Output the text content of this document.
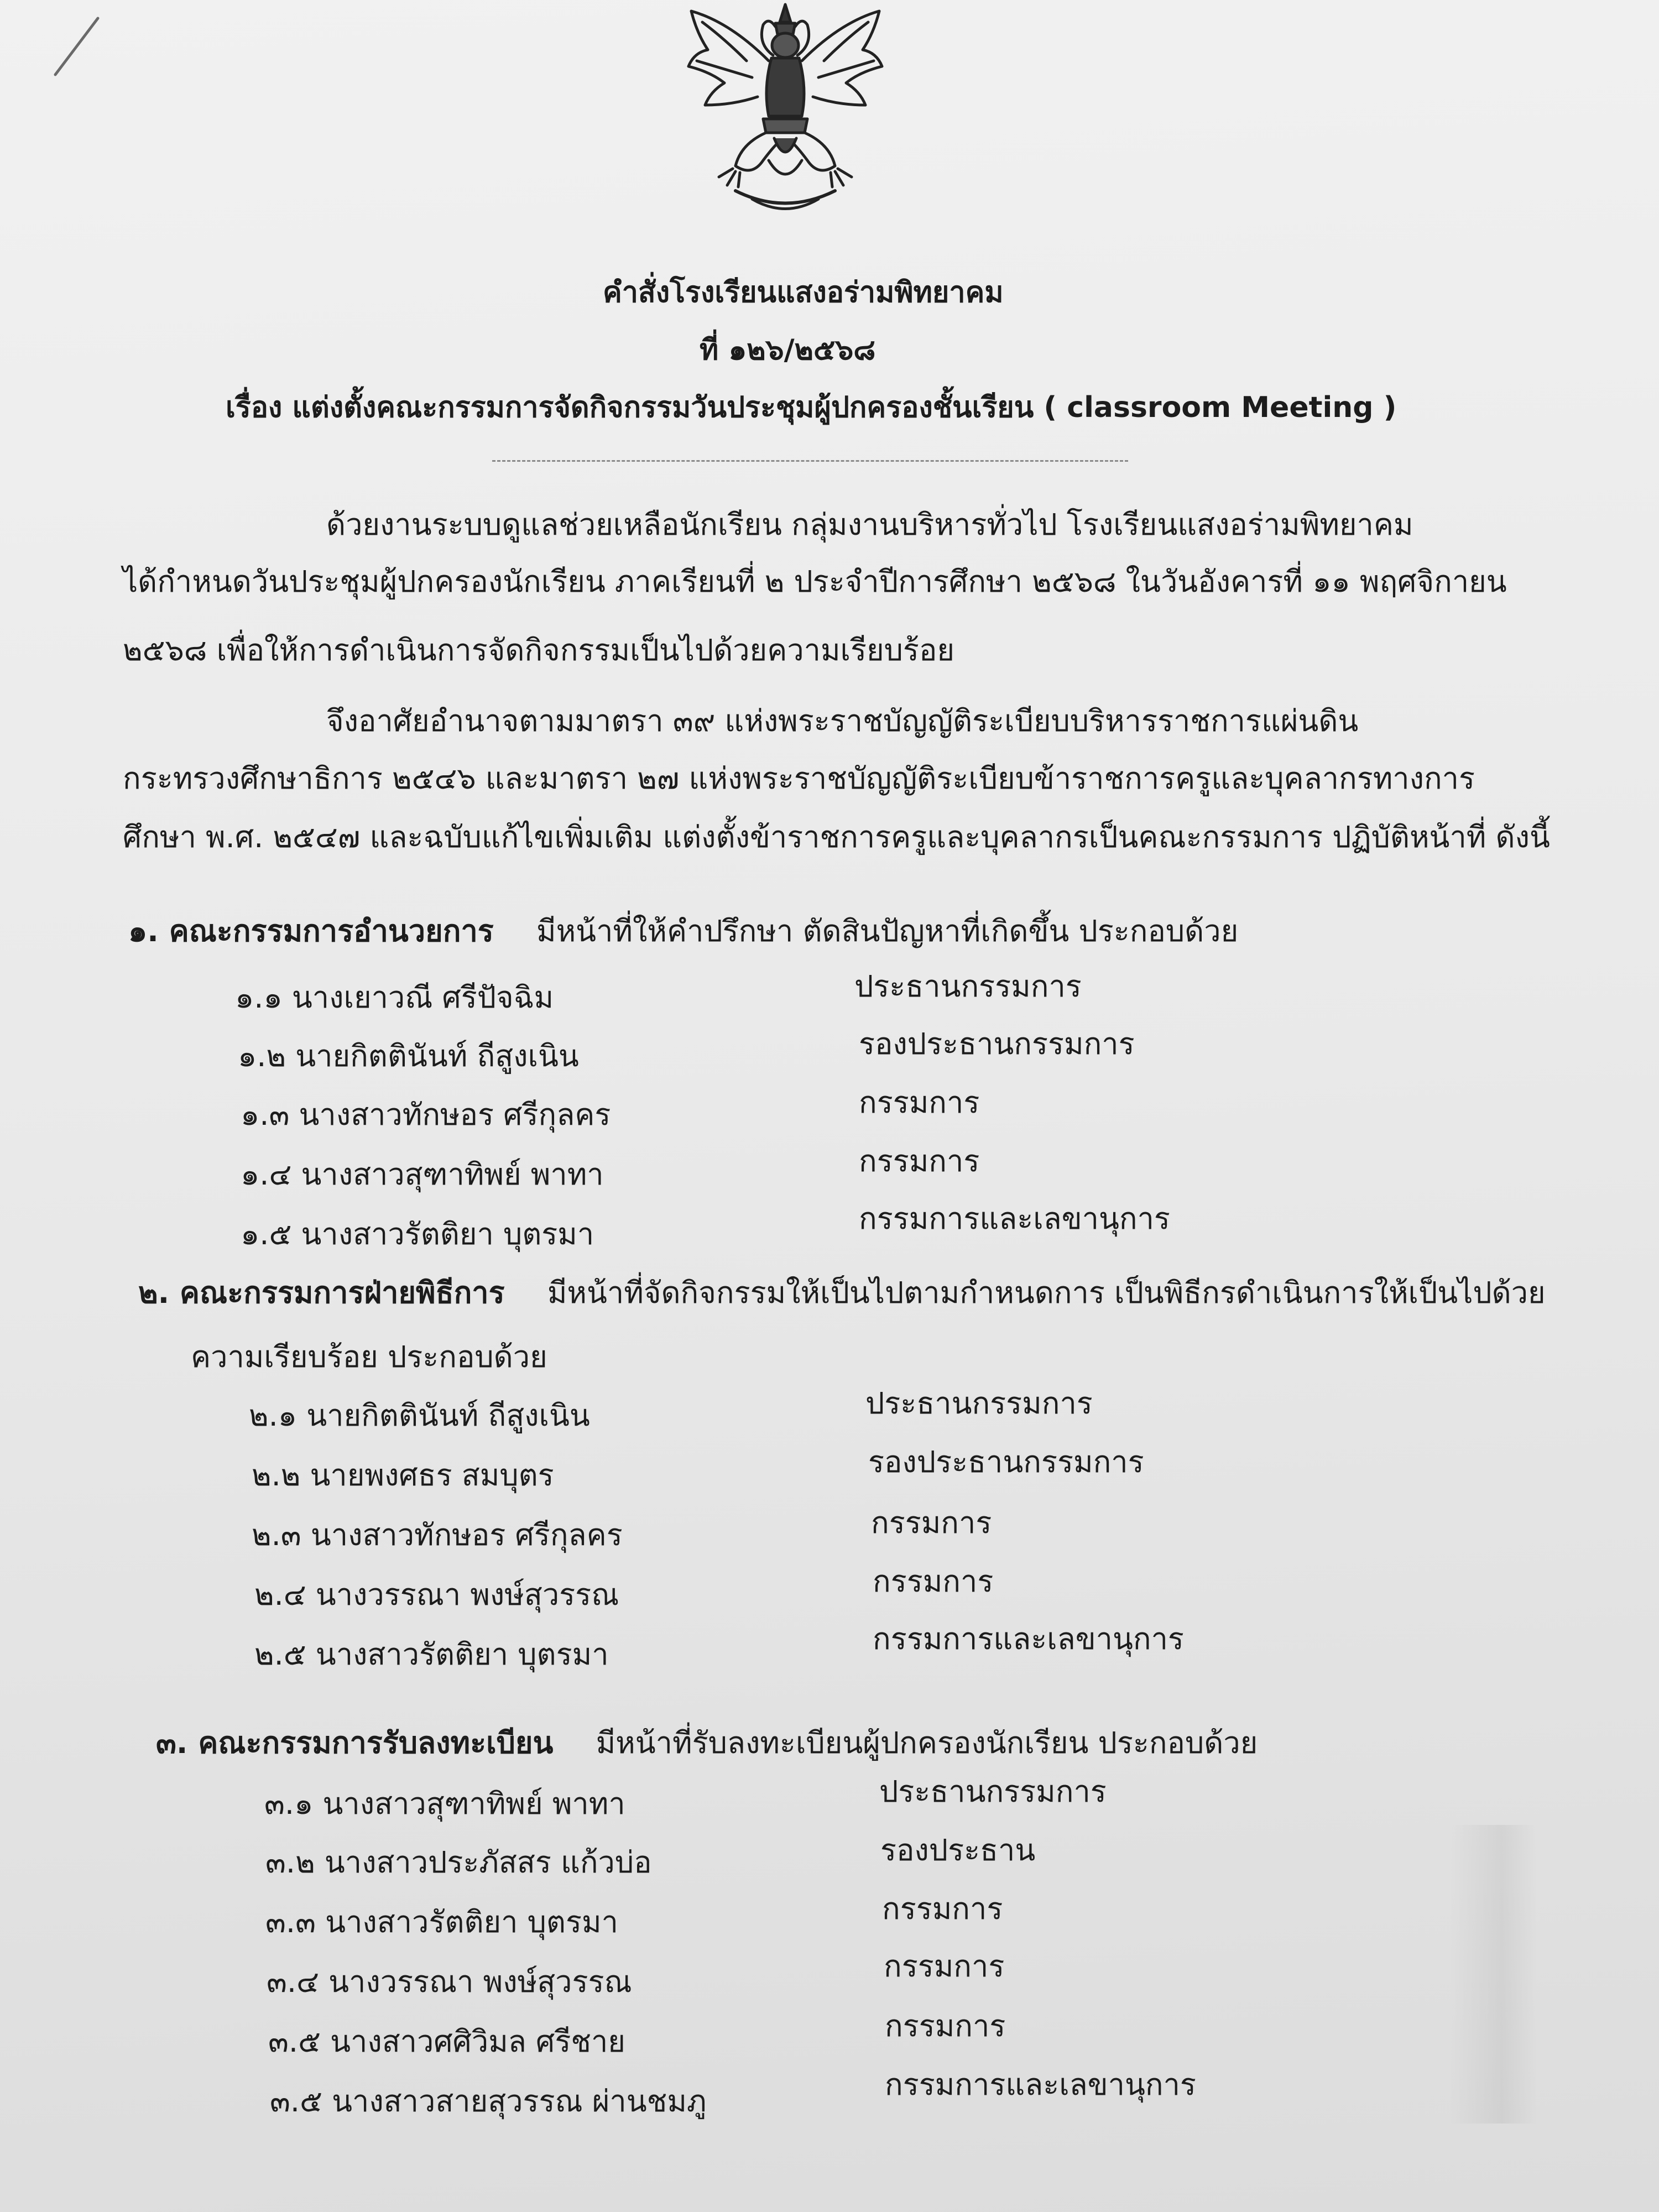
คำสั่งโรงเรียนแสงอร่ามพิทยาคม
ที่ ๑๒๖/๒๕๖๘
เรื่อง แต่งตั้งคณะกรรมการจัดกิจกรรมวันประชุมผู้ปกครองชั้นเรียน ( classroom Meeting )
ด้วยงานระบบดูแลช่วยเหลือนักเรียน กลุ่มงานบริหารทั่วไป โรงเรียนแสงอร่ามพิทยาคม
ได้กำหนดวันประชุมผู้ปกครองนักเรียน ภาคเรียนที่ ๒ ประจำปีการศึกษา ๒๕๖๘ ในวันอังคารที่ ๑๑ พฤศจิกายน
๒๕๖๘ เพื่อให้การดำเนินการจัดกิจกรรมเป็นไปด้วยความเรียบร้อย
จึงอาศัยอำนาจตามมาตรา ๓๙ แห่งพระราชบัญญัติระเบียบบริหารราชการแผ่นดิน
กระทรวงศึกษาธิการ ๒๕๔๖ และมาตรา ๒๗ แห่งพระราชบัญญัติระเบียบข้าราชการครูและบุคลากรทางการ
ศึกษา พ.ศ. ๒๕๔๗ และฉบับแก้ไขเพิ่มเติม แต่งตั้งข้าราชการครูและบุคลากรเป็นคณะกรรมการ ปฏิบัติหน้าที่ ดังนี้
๑. คณะกรรมการอำนวยการ มีหน้าที่ให้คำปรึกษา ตัดสินปัญหาที่เกิดขึ้น ประกอบด้วย
๑.๑ นางเยาวณี ศรีปัจฉิม	ประธานกรรมการ
๑.๒ นายกิตตินันท์ ถีสูงเนิน	รองประธานกรรมการ
๑.๓ นางสาวทักษอร ศรีกุลคร	กรรมการ
๑.๔ นางสาวสุฑาทิพย์ พาทา	กรรมการ
๑.๕ นางสาวรัตติยา บุตรมา	กรรมการและเลขานุการ
๒. คณะกรรมการฝ่ายพิธีการ มีหน้าที่จัดกิจกรรมให้เป็นไปตามกำหนดการ เป็นพิธีกรดำเนินการให้เป็นไปด้วย
ความเรียบร้อย ประกอบด้วย
๒.๑ นายกิตตินันท์ ถีสูงเนิน	ประธานกรรมการ
๒.๒ นายพงศธร สมบุตร	รองประธานกรรมการ
๒.๓ นางสาวทักษอร ศรีกุลคร	กรรมการ
๒.๔ นางวรรณา พงษ์สุวรรณ	กรรมการ
๒.๕ นางสาวรัตติยา บุตรมา	กรรมการและเลขานุการ
๓. คณะกรรมการรับลงทะเบียน มีหน้าที่รับลงทะเบียนผู้ปกครองนักเรียน ประกอบด้วย
๓.๑ นางสาวสุฑาทิพย์ พาทา	ประธานกรรมการ
๓.๒ นางสาวประภัสสร แก้วบ่อ	รองประธาน
๓.๓ นางสาวรัตติยา บุตรมา	กรรมการ
๓.๔ นางวรรณา พงษ์สุวรรณ	กรรมการ
๓.๕ นางสาวศศิวิมล ศรีชาย	กรรมการ
๓.๕ นางสาวสายสุวรรณ ผ่านชมภู	กรรมการและเลขานุการ
